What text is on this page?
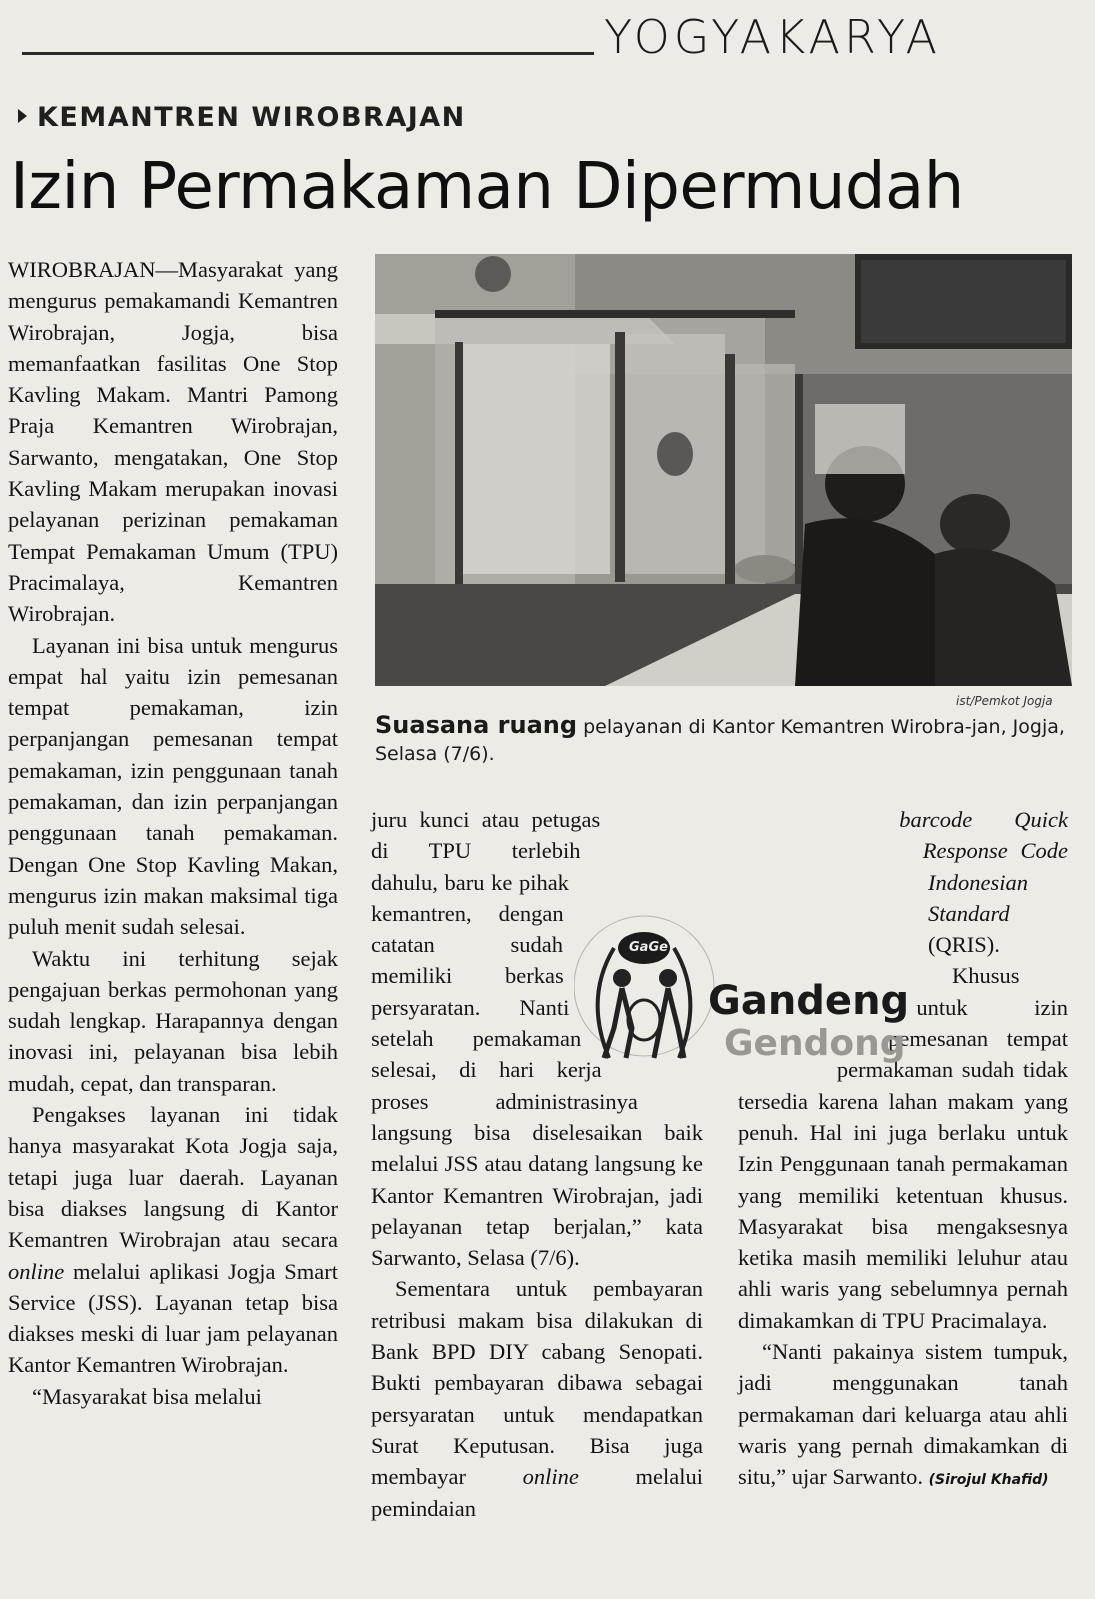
YOGYAKARYA
KEMANTREN WIROBRAJAN
Izin Permakaman Dipermudah

WIROBRAJAN—Masyarakat yang mengurus pemakamandi Kemantren Wirobrajan, Jogja, bisa memanfaatkan fasilitas One Stop Kavling Makam. Mantri Pamong Praja Kemantren Wirobrajan, Sarwanto, mengatakan, One Stop Kavling Makam merupakan inovasi pelayanan perizinan pemakaman Tempat Pemakaman Umum (TPU) Pracimalaya, Kemantren Wirobrajan.

Layanan ini bisa untuk mengurus empat hal yaitu izin pemesanan tempat pemakaman, izin perpanjangan pemesanan tempat pemakaman, izin penggunaan tanah pemakaman, dan izin perpanjangan penggunaan tanah pemakaman. Dengan One Stop Kavling Makan, mengurus izin makan maksimal tiga puluh menit sudah selesai.

Waktu ini terhitung sejak pengajuan berkas permohonan yang sudah lengkap. Harapannya dengan inovasi ini, pelayanan bisa lebih mudah, cepat, dan transparan.

Pengakses layanan ini tidak hanya masyarakat Kota Jogja saja, tetapi juga luar daerah. Layanan bisa diakses langsung di Kantor Kemantren Wirobrajan atau secara online melalui aplikasi Jogja Smart Service (JSS). Layanan tetap bisa diakses meski di luar jam pelayanan Kantor Kemantren Wirobrajan.

“Masyarakat bisa melalui

ist/Pemkot Jogja
Suasana ruang pelayanan di Kantor Kemantren Wirobra-jan, Jogja, Selasa (7/6).

juru kunci atau petugas di TPU terlebih dahulu, baru ke pihak kemantren, dengan catatan sudah memiliki berkas persyaratan. Nanti setelah pemakaman selesai, di hari kerja proses administrasinya langsung bisa diselesaikan baik melalui JSS atau datang langsung ke Kantor Kemantren Wirobrajan, jadi pelayanan tetap berjalan,” kata Sarwanto, Selasa (7/6).

Sementara untuk pembayaran retribusi makam bisa dilakukan di Bank BPD DIY cabang Senopati. Bukti pembayaran dibawa sebagai persyaratan untuk mendapatkan Surat Keputusan. Bisa juga membayar online melalui pemindaian

barcode Quick Response Code Indonesian Standard (QRIS).

Khusus untuk izin pemesanan tempat permakaman sudah tidak tersedia karena lahan makam yang penuh. Hal ini juga berlaku untuk Izin Penggunaan tanah permakaman yang memiliki ketentuan khusus. Masyarakat bisa mengaksesnya ketika masih memiliki leluhur atau ahli waris yang sebelumnya pernah dimakamkan di TPU Pracimalaya.

“Nanti pakainya sistem tumpuk, jadi menggunakan tanah permakaman dari keluarga atau ahli waris yang pernah dimakamkan di situ,” ujar Sarwanto. (Sirojul Khafid)

GaGe
Gandeng
Gendong
